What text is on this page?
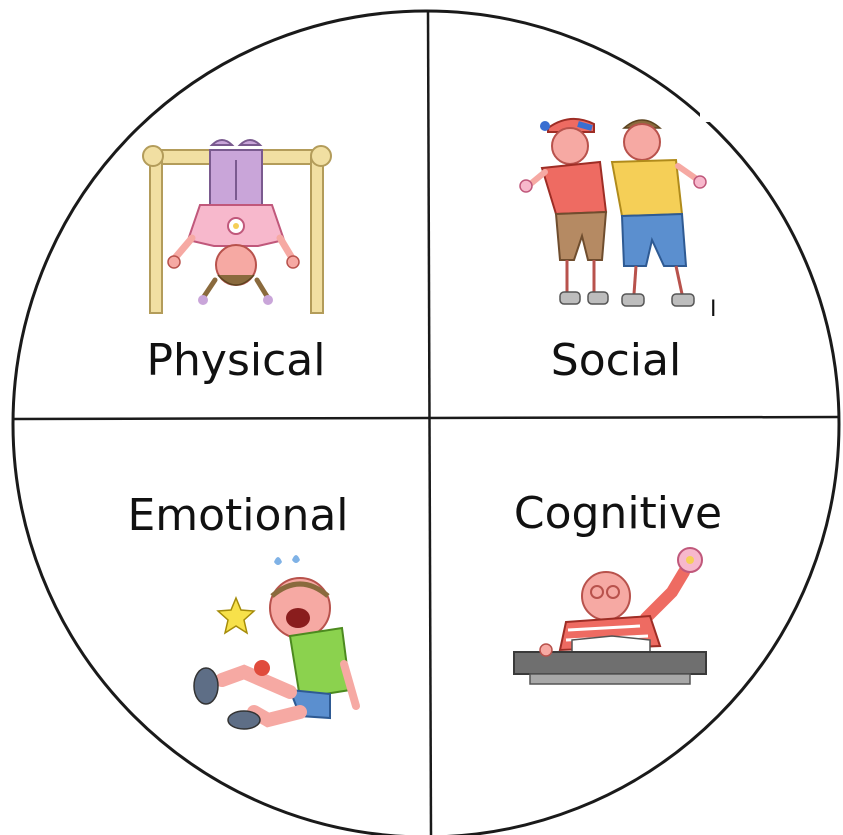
Physical
I
Social
Emotional	Cognitive
